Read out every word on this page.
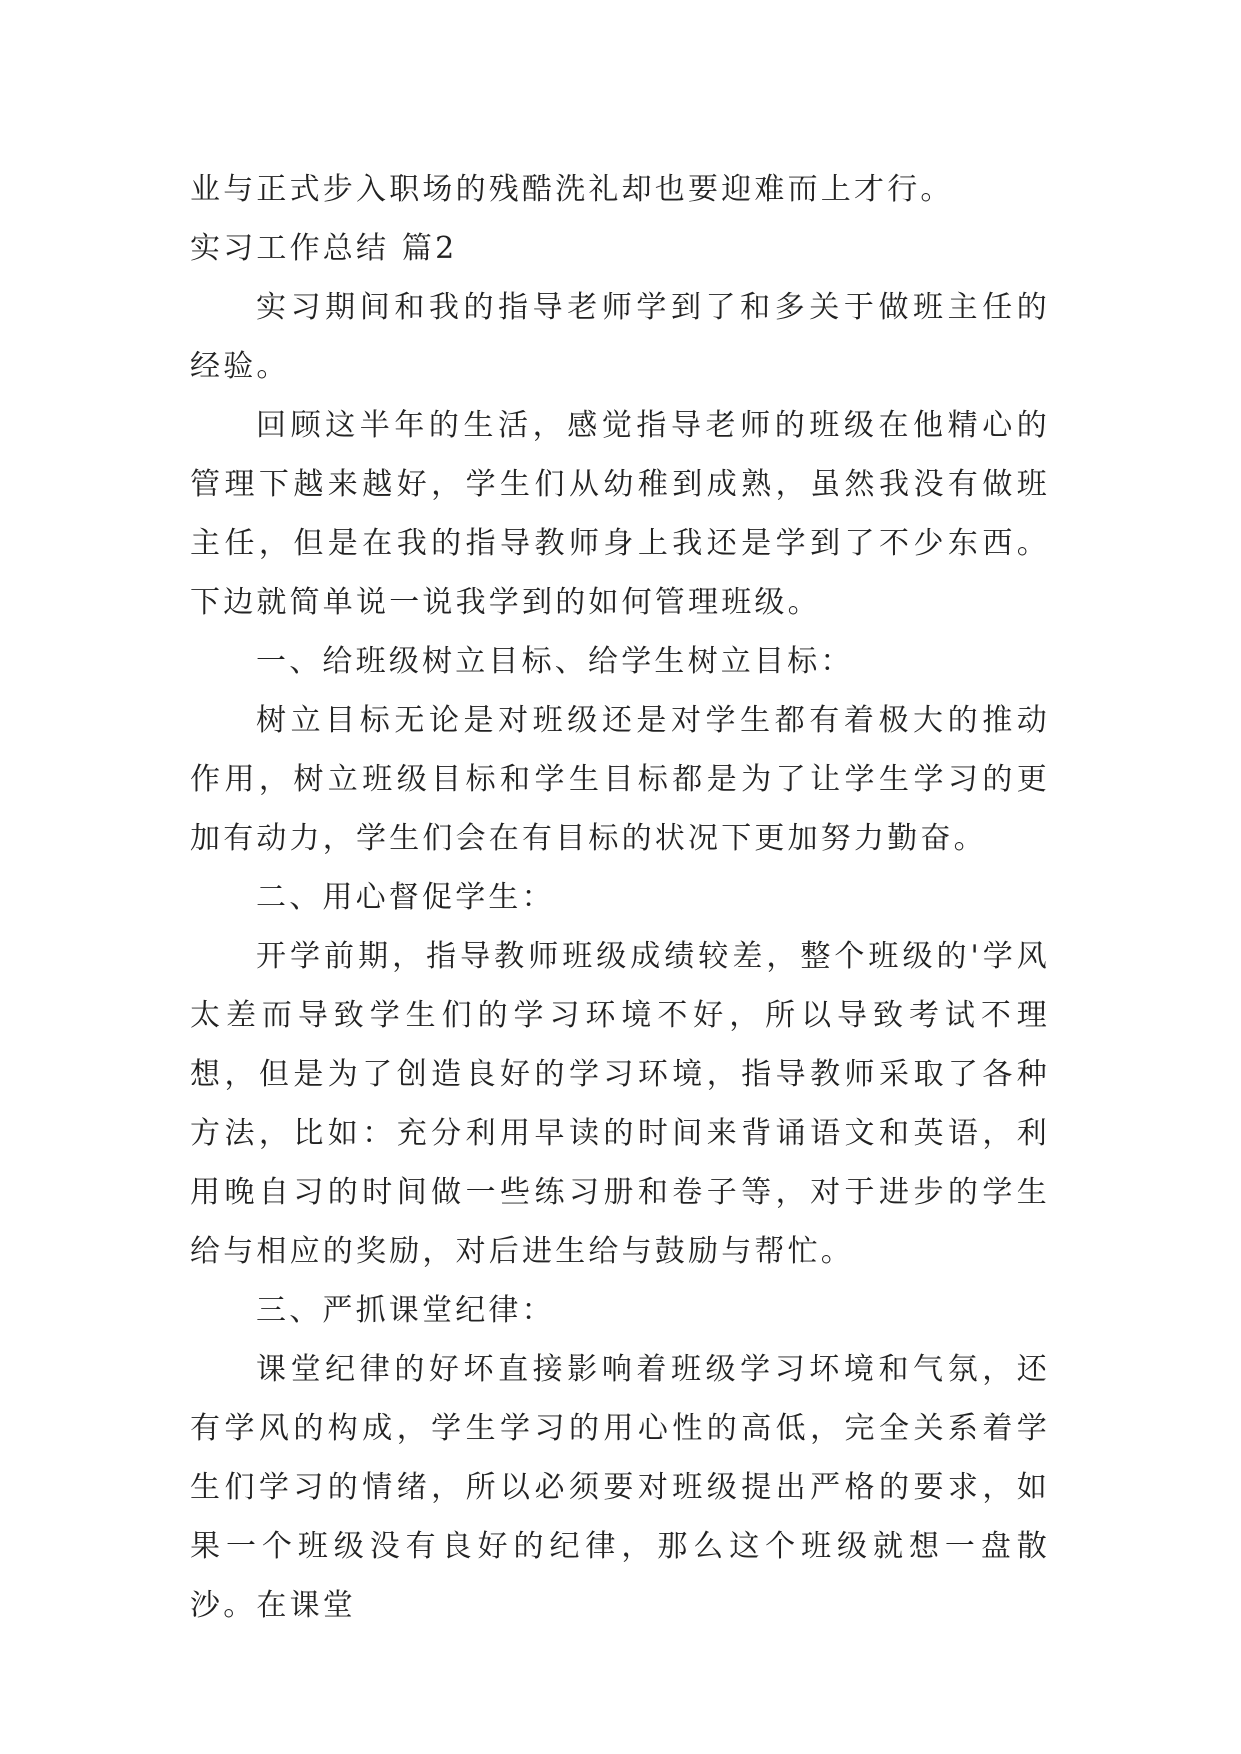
业与正式步入职场的残酷洗礼却也要迎难而上才行。

实习工作总结 篇2

实习期间和我的指导老师学到了和多关于做班主任的经验。

回顾这半年的生活，感觉指导老师的班级在他精心的管理下越来越好，学生们从幼稚到成熟，虽然我没有做班主任，但是在我的指导教师身上我还是学到了不少东西。下边就简单说一说我学到的如何管理班级。

一、给班级树立目标、给学生树立目标：

树立目标无论是对班级还是对学生都有着极大的推动作用，树立班级目标和学生目标都是为了让学生学习的更加有动力，学生们会在有目标的状况下更加努力勤奋。

二、用心督促学生：

开学前期，指导教师班级成绩较差，整个班级的'学风太差而导致学生们的学习环境不好，所以导致考试不理想，但是为了创造良好的学习环境，指导教师采取了各种方法，比如：充分利用早读的时间来背诵语文和英语，利用晚自习的时间做一些练习册和卷子等，对于进步的学生给与相应的奖励，对后进生给与鼓励与帮忙。

三、严抓课堂纪律：

课堂纪律的好坏直接影响着班级学习坏境和气氛，还有学风的构成，学生学习的用心性的高低，完全关系着学生们学习的情绪，所以必须要对班级提出严格的要求，如果一个班级没有良好的纪律，那么这个班级就想一盘散沙。在课堂
